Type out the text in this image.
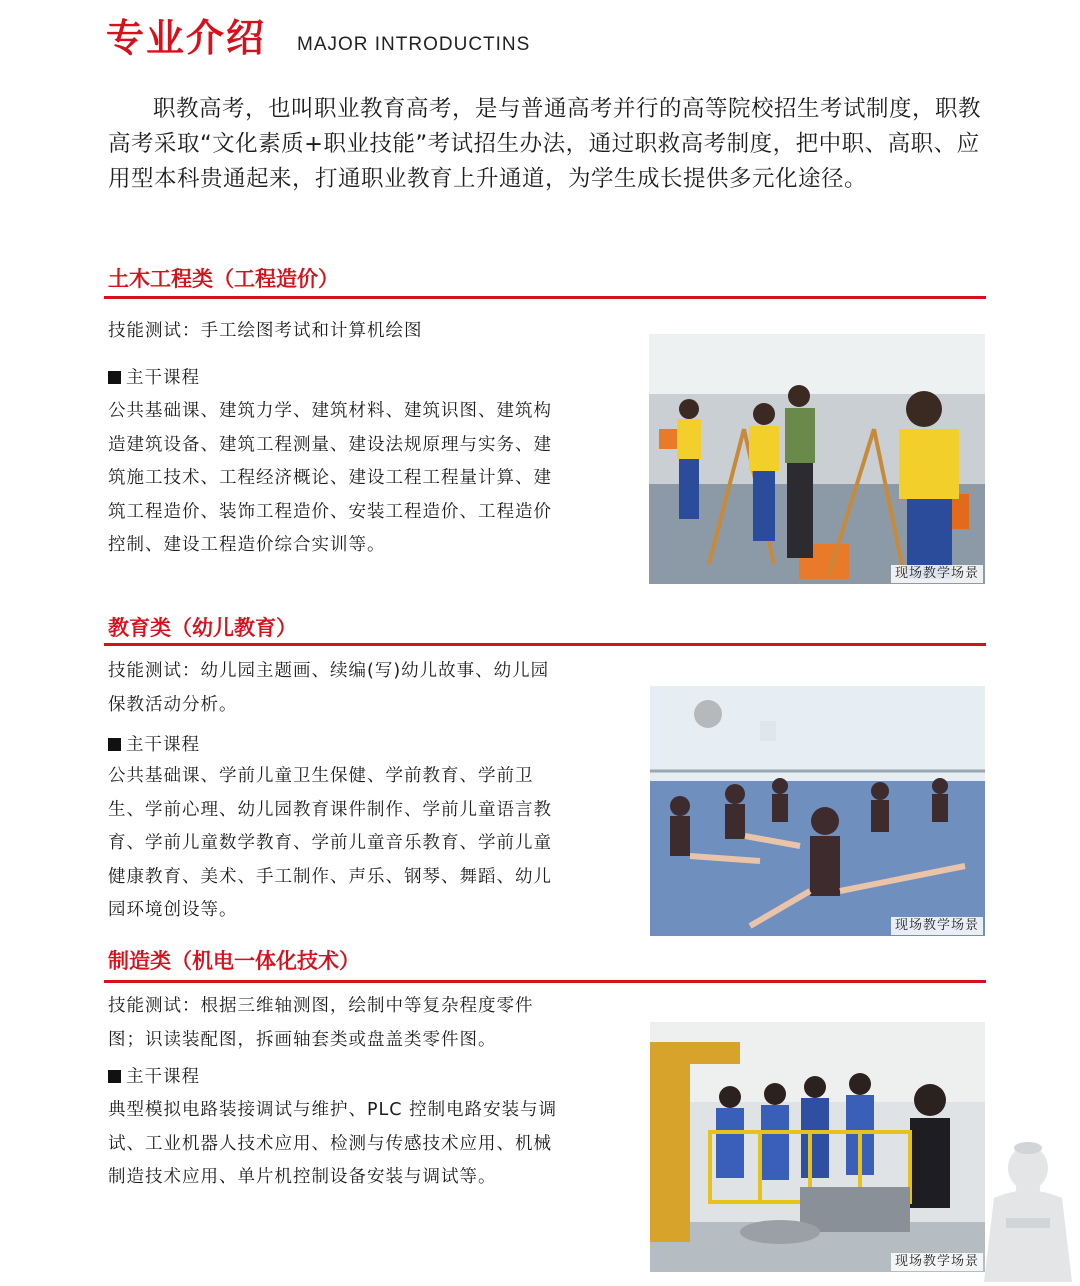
专业介绍 MAJOR INTRODUCTINS

职教高考，也叫职业教育高考，是与普通高考并行的高等院校招生考试制度，职教高考采取“文化素质+职业技能”考试招生办法，通过职救高考制度，把中职、高职、应用型本科贵通起来，打通职业教育上升通道，为学生成长提供多元化途径。

土木工程类（工程造价）

技能测试：手工绘图考试和计算机绘图

主干课程

公共基础课、建筑力学、建筑材料、建筑识图、建筑构造建筑设备、建筑工程测量、建设法规原理与实务、建筑施工技术、工程经济概论、建设工程工程量计算、建筑工程造价、装饰工程造价、安装工程造价、工程造价控制、建设工程造价综合实训等。

现场教学场景
教育类（幼儿教育）

技能测试：幼儿园主题画、续编(写)幼儿故事、幼儿园保教活动分析。

主干课程

公共基础课、学前儿童卫生保健、学前教育、学前卫生、学前心理、幼儿园教育课件制作、学前儿童语言教育、学前儿童数学教育、学前儿童音乐教育、学前儿童健康教育、美术、手工制作、声乐、钢琴、舞蹈、幼儿园环境创设等。

现场教学场景
制造类（机电一体化技术）

技能测试：根据三维轴测图，绘制中等复杂程度零件图；识读装配图，拆画轴套类或盘盖类零件图。

主干课程

典型模拟电路装接调试与维护、PLC 控制电路安装与调试、工业机器人技术应用、检测与传感技术应用、机械制造技术应用、单片机控制设备安装与调试等。

现场教学场景
